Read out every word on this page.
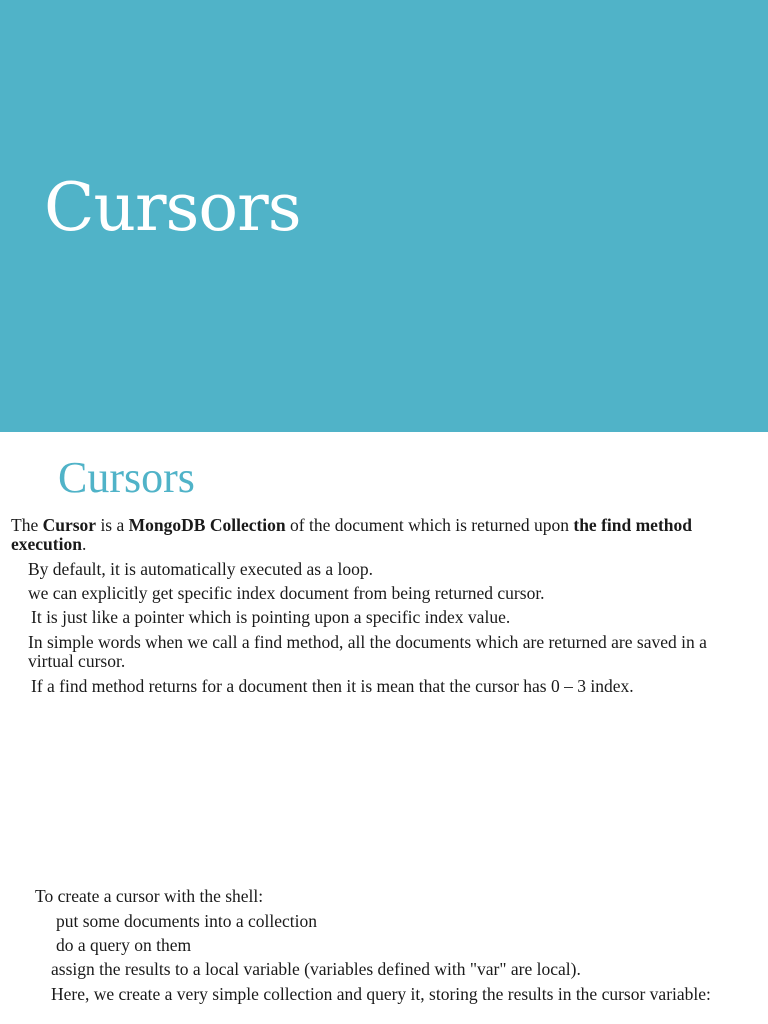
Cursors
Cursors

The Cursor is a MongoDB Collection of the document which is returned upon the find method execution.

By default, it is automatically executed as a loop.

we can explicitly get specific index document from being returned cursor.

It is just like a pointer which is pointing upon a specific index value.

In simple words when we call a find method, all the documents which are returned are saved in a virtual cursor.

If a find method returns for a document then it is mean that the cursor has 0 – 3 index.

To create a cursor with the shell:

put some documents into a collection

do a query on them

assign the results to a local variable (variables defined with "var" are local).

Here, we create a very simple collection and query it, storing the results in the cursor variable:
